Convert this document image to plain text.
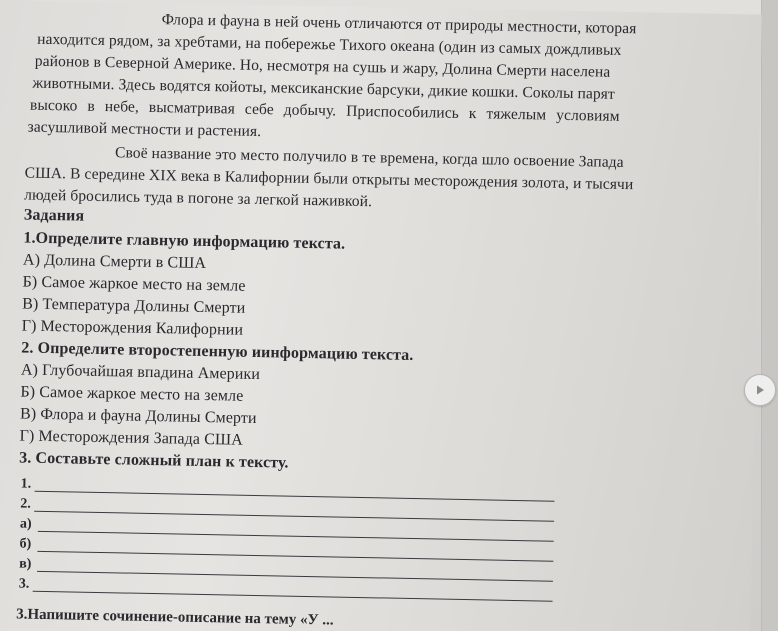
Флора и фауна в ней очень отличаются от природы местности, которая
находится рядом, за хребтами, на побережье Тихого океана (один из самых дождливых
районов в Северной Америке. Но, несмотря на сушь и жару, Долина Смерти населена
животными. Здесь водятся койоты, мексиканские барсуки, дикие кошки. Соколы парят
высоко в небе, высматривая себе добычу. Приспособились к тяжелым условиям
засушливой местности и растения.
Своё название это место получило в те времена, когда шло освоение Запада
США. В середине XIX века в Калифорнии были открыты месторождения золота, и тысячи
людей бросились туда в погоне за легкой наживкой.
Задания
1.Определите главную информацию текста.
А) Долина Смерти в США
Б) Самое жаркое место на земле
В) Температура Долины Смерти
Г) Месторождения Калифорнии
2. Определите второстепенную иинформацию текста.
А) Глубочайшая впадина Америки
Б) Самое жаркое место на земле
В) Флора и фауна Долины Смерти
Г) Месторождения Запада США
3. Составьте сложный план к тексту.
1.
2.
а)
б)
в)
3.
3.Напишите сочинение-описание на тему «У ...
